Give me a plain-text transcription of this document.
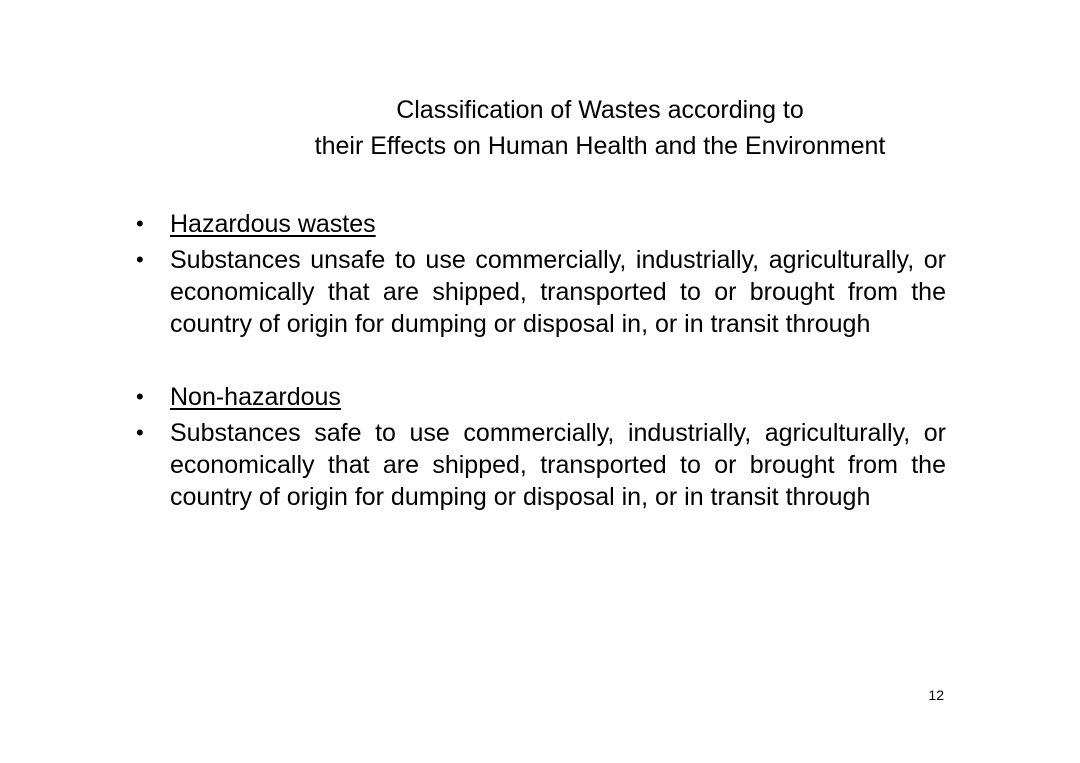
Classification of Wastes according to
their Effects on Human Health and the Environment
• Hazardous wastes
• Substances unsafe to use commercially, industrially, agriculturally, or economically that are shipped, transported to or brought from the country of origin for dumping or disposal in, or in transit through
• Non-hazardous
• Substances safe to use commercially, industrially, agriculturally, or economically that are shipped, transported to or brought from the country of origin for dumping or disposal in, or in transit through
12
